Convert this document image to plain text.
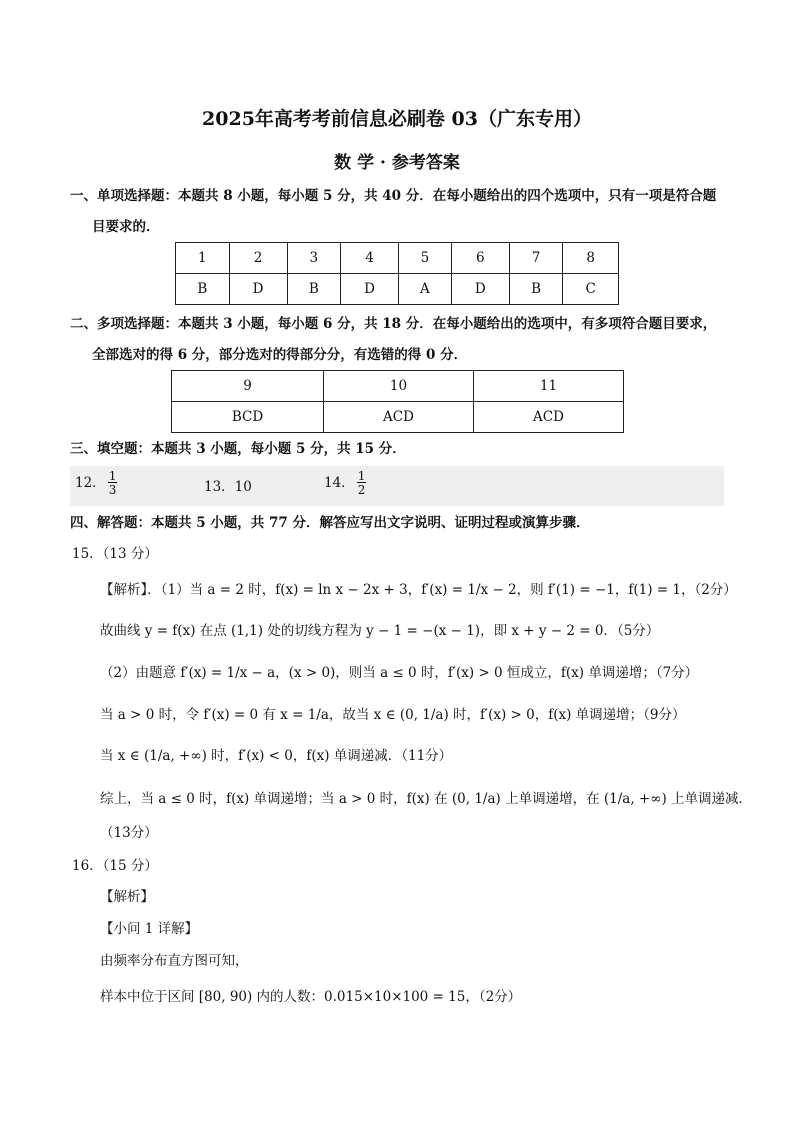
2025年高考考前信息必刷卷 03（广东专用）
数 学 · 参考答案
一、单项选择题：本题共 8 小题，每小题 5 分，共 40 分．在每小题给出的四个选项中，只有一项是符合题
目要求的．
1	2	3	4	5	6	7	8
B	D	B	D	A	D	B	C
二、多项选择题：本题共 3 小题，每小题 6 分，共 18 分．在每小题给出的选项中，有多项符合题目要求，
全部选对的得 6 分，部分选对的得部分分，有选错的得 0 分．
9	10	11
BCD	ACD	ACD
三、填空题：本题共 3 小题，每小题 5 分，共 15 分．
12． $\frac{1}{3}$	13．10	14． $\frac{1}{2}$
四、解答题：本题共 5 小题，共 77 分．解答应写出文字说明、证明过程或演算步骤．
15．（13 分）
【解析】．（1）当 a = 2 时，f(x) = ln x − 2x + 3，f′(x) = 1/x − 2，则 f′(1) = −1，f(1) = 1，（2分）
故曲线 y = f(x) 在点 (1,1) 处的切线方程为 y − 1 = −(x − 1)，即 x + y − 2 = 0．（5分）
（2）由题意 f′(x) = 1/x − a，(x > 0)，则当 a ≤ 0 时，f′(x) > 0 恒成立，f(x) 单调递增；（7分）
当 a > 0 时，令 f′(x) = 0 有 x = 1/a，故当 x ∈ (0, 1/a) 时，f′(x) > 0，f(x) 单调递增；（9分）
当 x ∈ (1/a, +∞) 时，f′(x) < 0，f(x) 单调递减．（11分）
综上，当 a ≤ 0 时，f(x) 单调递增；当 a > 0 时，f(x) 在 (0, 1/a) 上单调递增，在 (1/a, +∞) 上单调递减．
（13分）
16．（15 分）
【解析】
【小问 1 详解】
由频率分布直方图可知，
样本中位于区间 [80, 90) 内的人数：0.015×10×100 = 15，（2分）
